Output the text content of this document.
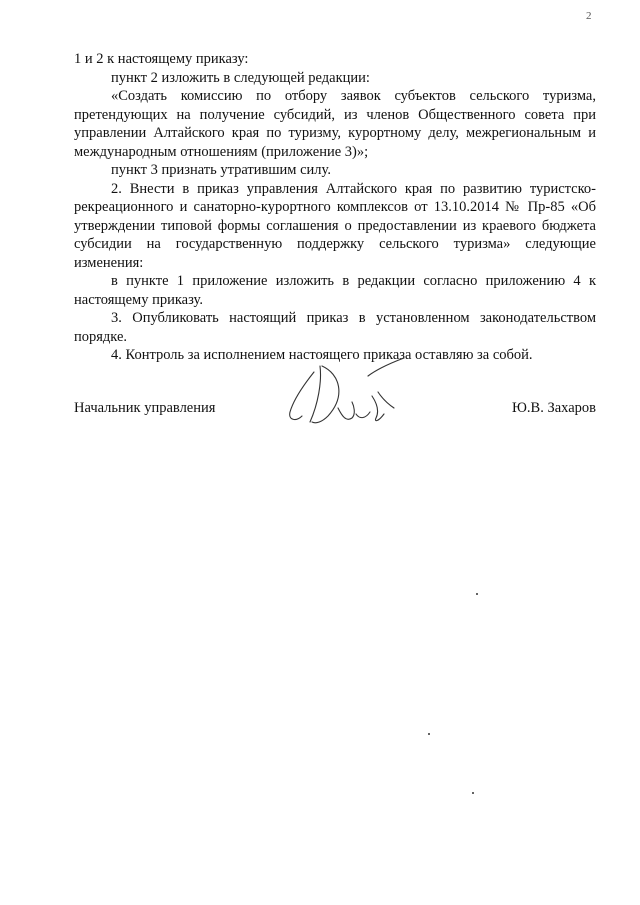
2

1 и 2 к настоящему приказу:

пункт 2 изложить в следующей редакции:

«Создать комиссию по отбору заявок субъектов сельского туризма, претендующих на получение субсидий, из членов Общественного совета при управлении Алтайского края по туризму, курортному делу, межрегиональным и международным отношениям (приложение 3)»;

пункт 3 признать утратившим силу.

2. Внести в приказ управления Алтайского края по развитию туристско-рекреационного и санаторно-курортного комплексов от 13.10.2014 № Пр-85 «Об утверждении типовой формы соглашения о предоставлении из краевого бюджета субсидии на государственную поддержку сельского туризма» следующие изменения:

в пункте 1 приложение изложить в редакции согласно приложению 4 к настоящему приказу.

3. Опубликовать настоящий приказ в установленном законодательством порядке.

4. Контроль за исполнением настоящего приказа оставляю за собой.

Начальник управления	Ю.В. Захаров
